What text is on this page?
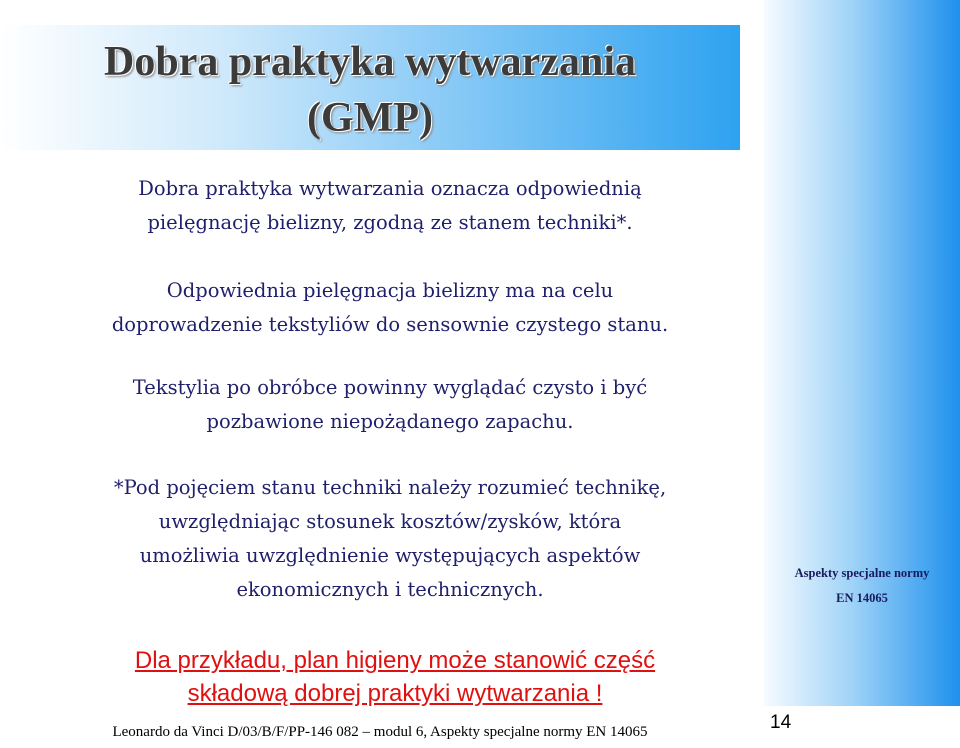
Dobra praktyka wytwarzania
(GMP)
Aspekty specjalne normy
EN 14065
Dobra praktyka wytwarzania oznacza odpowiednią
pielęgnację bielizny, zgodną ze stanem techniki*.
Odpowiednia pielęgnacja bielizny ma na celu
doprowadzenie tekstyliów do sensownie czystego stanu.
Tekstylia po obróbce powinny wyglądać czysto i być
pozbawione niepożądanego zapachu.
*Pod pojęciem stanu techniki należy rozumieć technikę,
uwzględniając stosunek kosztów/zysków, która
umożliwia uwzględnienie występujących aspektów
ekonomicznych i technicznych.
Dla przykładu, plan higieny może stanowić część
składową dobrej praktyki wytwarzania !
Leonardo da Vinci D/03/B/F/PP-146 082 – modul 6, Aspekty specjalne normy EN 14065	14
